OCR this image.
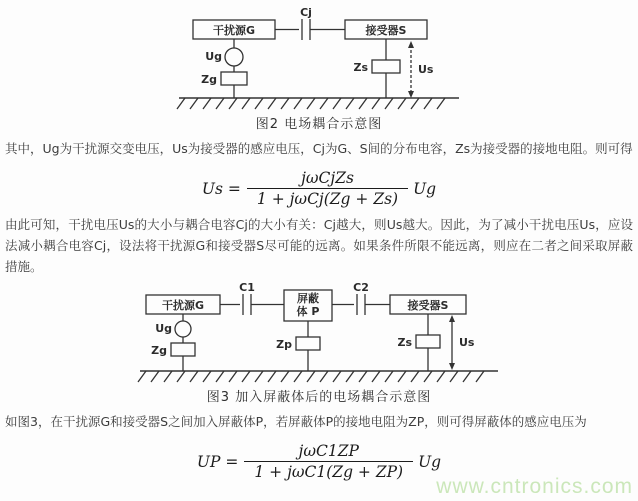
干扰源G
Cj
接受器S
Ug
Zg
Zs	Us
图2 电场耦合示意图
其中，Ug为干扰源交变电压，Us为接受器的感应电压，Cj为G、S间的分布电容，Zs为接受器的接地电阻。则可得
$Us = \frac{\text{jωCjZs}}{\text{1 + jωCj(Zg + Zs)}}$ Ug
由此可知，干扰电压Us的大小与耦合电容Cj的大小有关：Cj越大，则Us越大。因此，为了减小干扰电压Us，应设法减小耦合电容Cj，设法将干扰源G和接受器S尽可能的远离。如果条件所限不能远离，则应在二者之间采取屏蔽措施。
干扰源G
C1
屏蔽
体 P
C2
接受器S
Ug
Zg	Zp	Zs	Us
图3 加入屏蔽体后的电场耦合示意图
如图3，在干扰源G和接受器S之间加入屏蔽体P，若屏蔽体P的接地电阻为ZP，则可得屏蔽体的感应电压为
UP = $\frac{\text{jωC1ZP}}{\text{1 + jωC1(Zg + ZP)}}$ Ug
www.cntronics.com
